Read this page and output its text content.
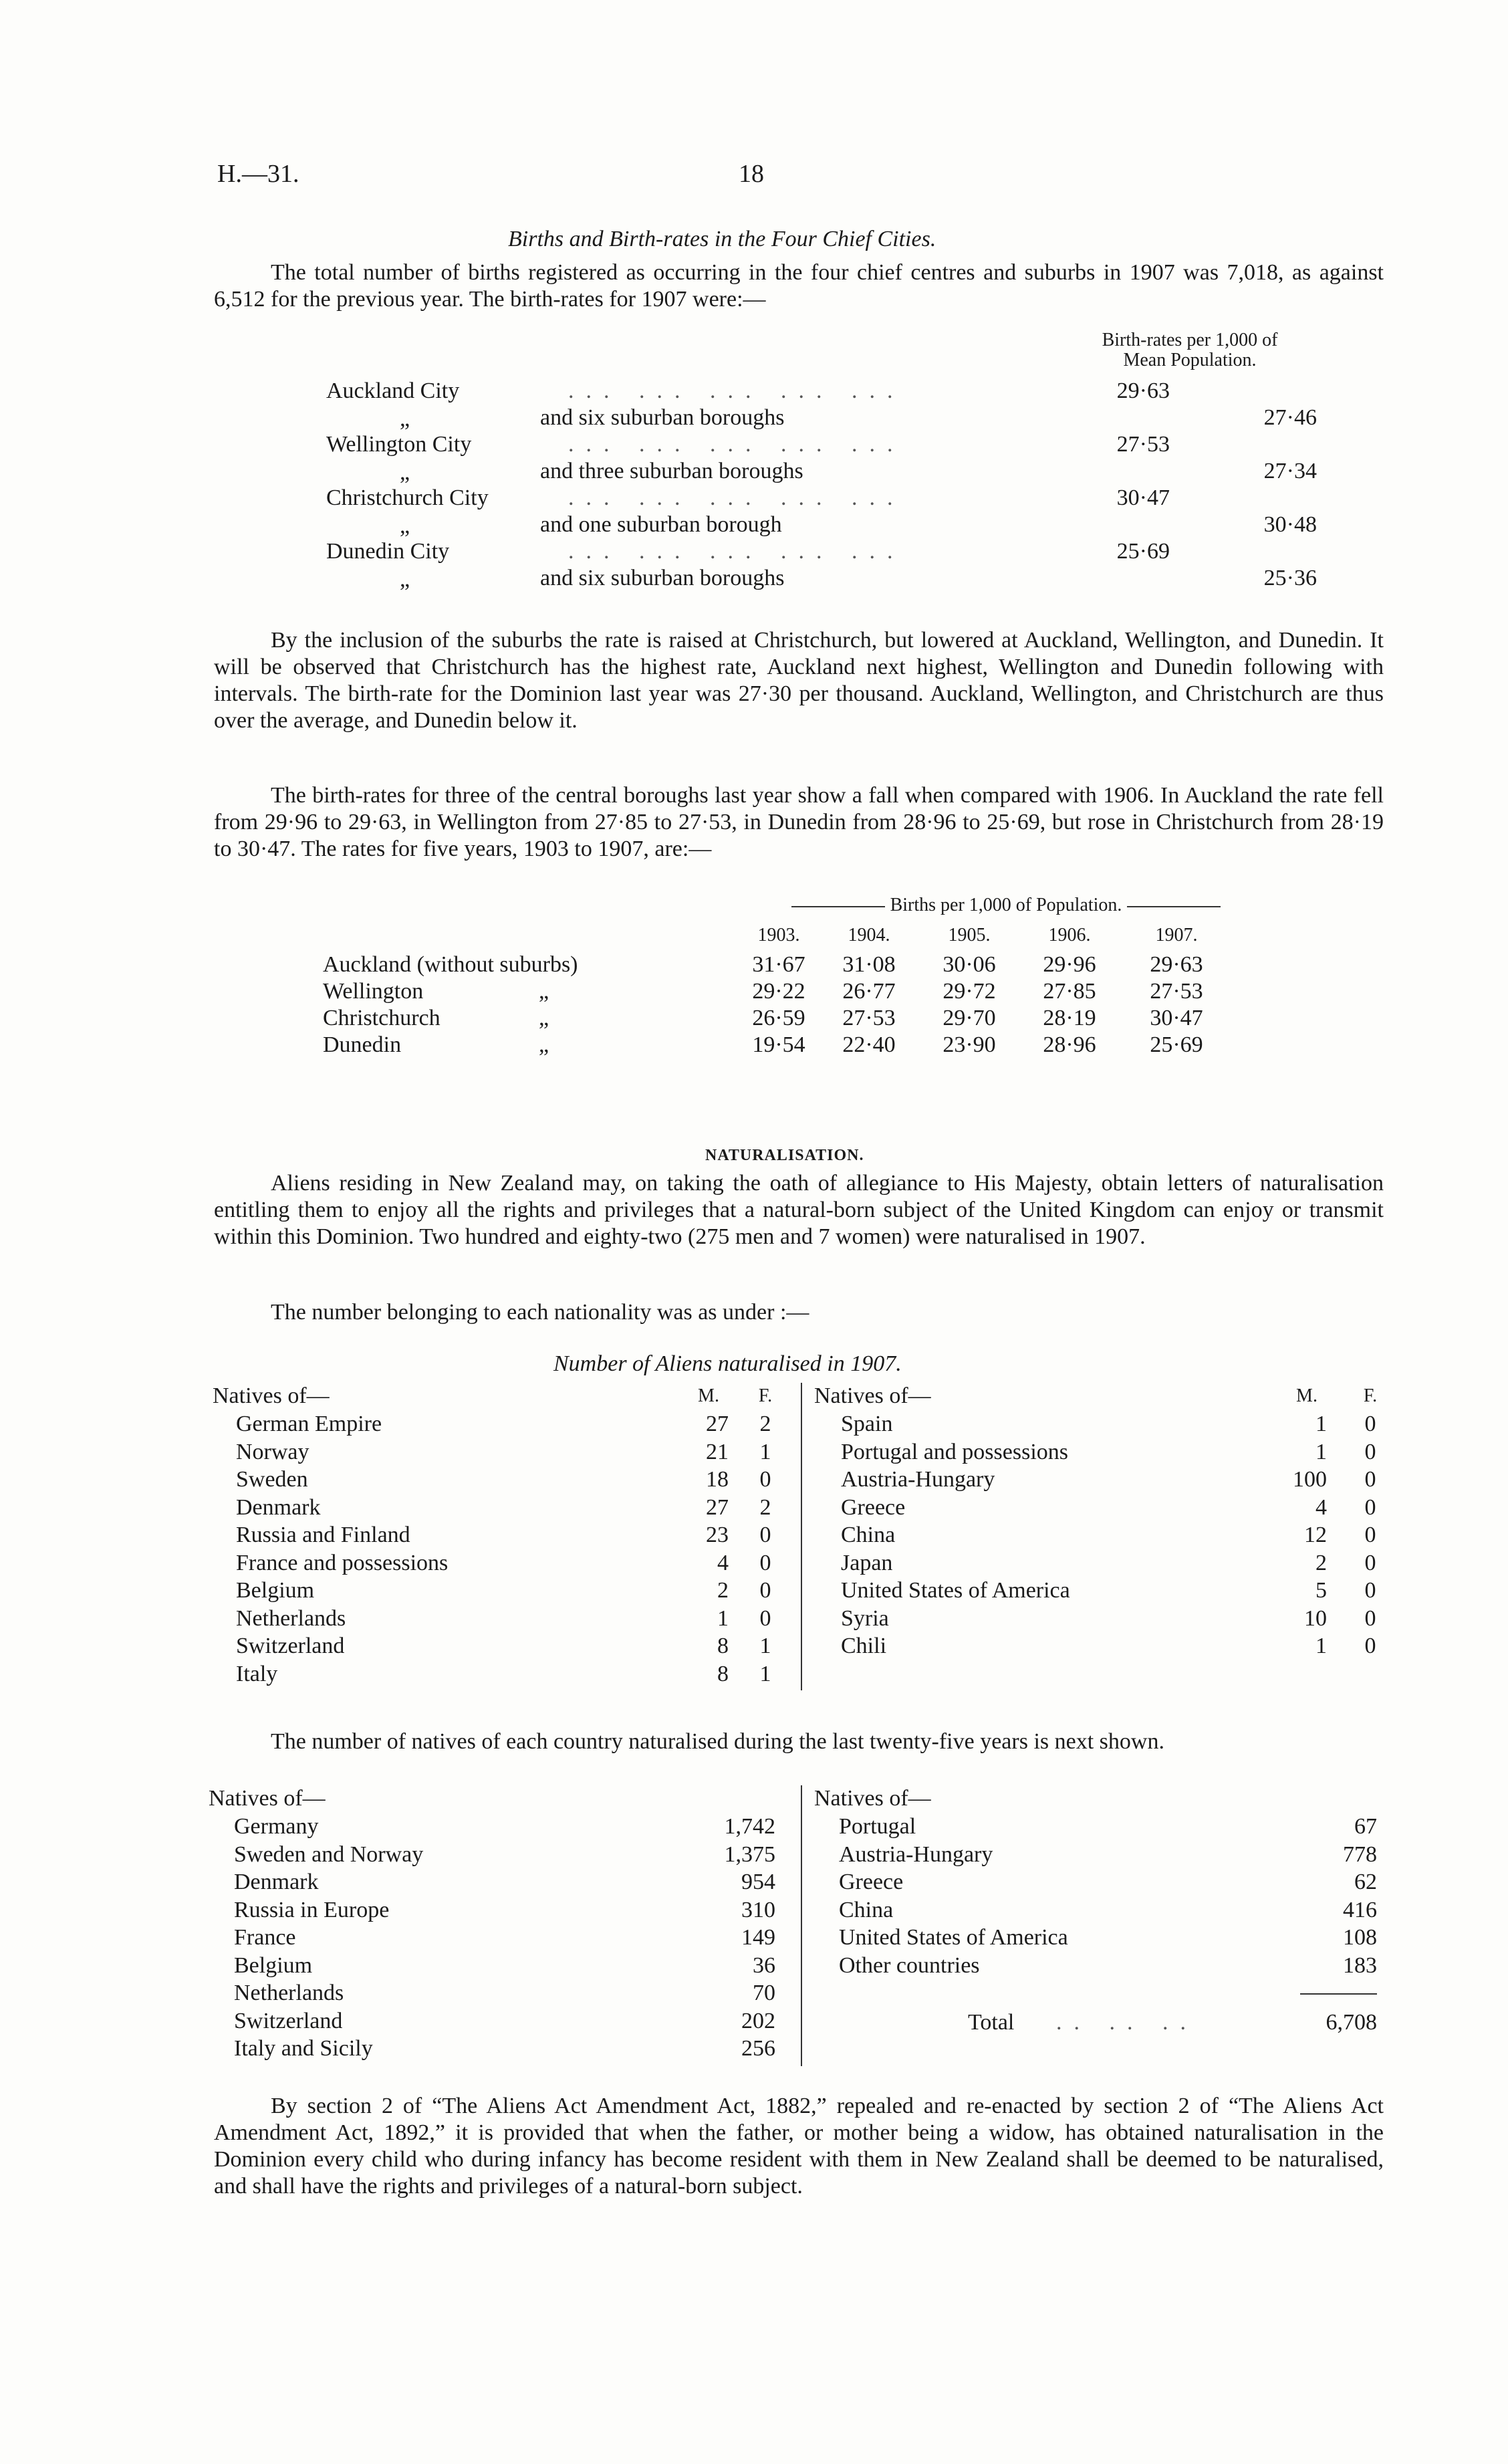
H.—31.	18
Births and Birth-rates in the Four Chief Cities.
The total number of births registered as occurring in the four chief centres and suburbs in 1907 was 7,018, as against 6,512 for the previous year. The birth-rates for 1907 were:—
Birth-rates per 1,000 of
Mean Population.
Auckland City	... ... ... ... ...	29·63
„	and six suburban boroughs	27·46
Wellington City	... ... ... ... ...	27·53
„	and three suburban boroughs	27·34
Christchurch City	... ... ... ... ...	30·47
„	and one suburban borough	30·48
Dunedin City	... ... ... ... ...	25·69
„	and six suburban boroughs	25·36
By the inclusion of the suburbs the rate is raised at Christchurch, but lowered at Auckland, Wellington, and Dunedin. It will be observed that Christchurch has the highest rate, Auckland next highest, Wellington and Dunedin following with intervals. The birth-rate for the Dominion last year was 27·30 per thousand. Auckland, Wellington, and Christchurch are thus over the average, and Dunedin below it.
The birth-rates for three of the central boroughs last year show a fall when compared with 1906. In Auckland the rate fell from 29·96 to 29·63, in Wellington from 27·85 to 27·53, in Dunedin from 28·96 to 25·69, but rose in Christchurch from 28·19 to 30·47. The rates for five years, 1903 to 1907, are:—
Births per 1,000 of Population.
1903.	1904.	1905.	1906.	1907.
Auckland (without suburbs)	31·67	31·08	30·06	29·96	29·63
Wellington	„	29·22	26·77	29·72	27·85	27·53
Christchurch	„	26·59	27·53	29·70	28·19	30·47
Dunedin	„	19·54	22·40	23·90	28·96	25·69
NATURALISATION.
Aliens residing in New Zealand may, on taking the oath of allegiance to His Majesty, obtain letters of naturalisation entitling them to enjoy all the rights and privileges that a natural-born subject of the United Kingdom can enjoy or transmit within this Dominion. Two hundred and eighty-two (275 men and 7 women) were naturalised in 1907.
The number belonging to each nationality was as under :—
Number of Aliens naturalised in 1907.
Natives of—	M.	F.
German Empire	27	2
Norway	21	1
Sweden	18	0
Denmark	27	2
Russia and Finland	23	0
France and possessions	4	0
Belgium	2	0
Netherlands	1	0
Switzerland	8	1
Italy	8	1
Natives of—	M.	F.
Spain	1	0
Portugal and possessions	1	0
Austria-Hungary	100	0
Greece	4	0
China	12	0
Japan	2	0
United States of America	5	0
Syria	10	0
Chili	1	0
The number of natives of each country naturalised during the last twenty-five years is next shown.
Natives of—
Germany	1,742
Sweden and Norway	1,375
Denmark	954
Russia in Europe	310
France	149
Belgium	36
Netherlands	70
Switzerland	202
Italy and Sicily	256
Natives of—
Portugal	67
Austria-Hungary	778
Greece	62
China	416
United States of America	108
Other countries	183
Total .. .. ..	6,708
By section 2 of “The Aliens Act Amendment Act, 1882,” repealed and re-enacted by section 2 of “The Aliens Act Amendment Act, 1892,” it is provided that when the father, or mother being a widow, has obtained naturalisation in the Dominion every child who during infancy has become resident with them in New Zealand shall be deemed to be naturalised, and shall have the rights and privileges of a natural-born subject.
